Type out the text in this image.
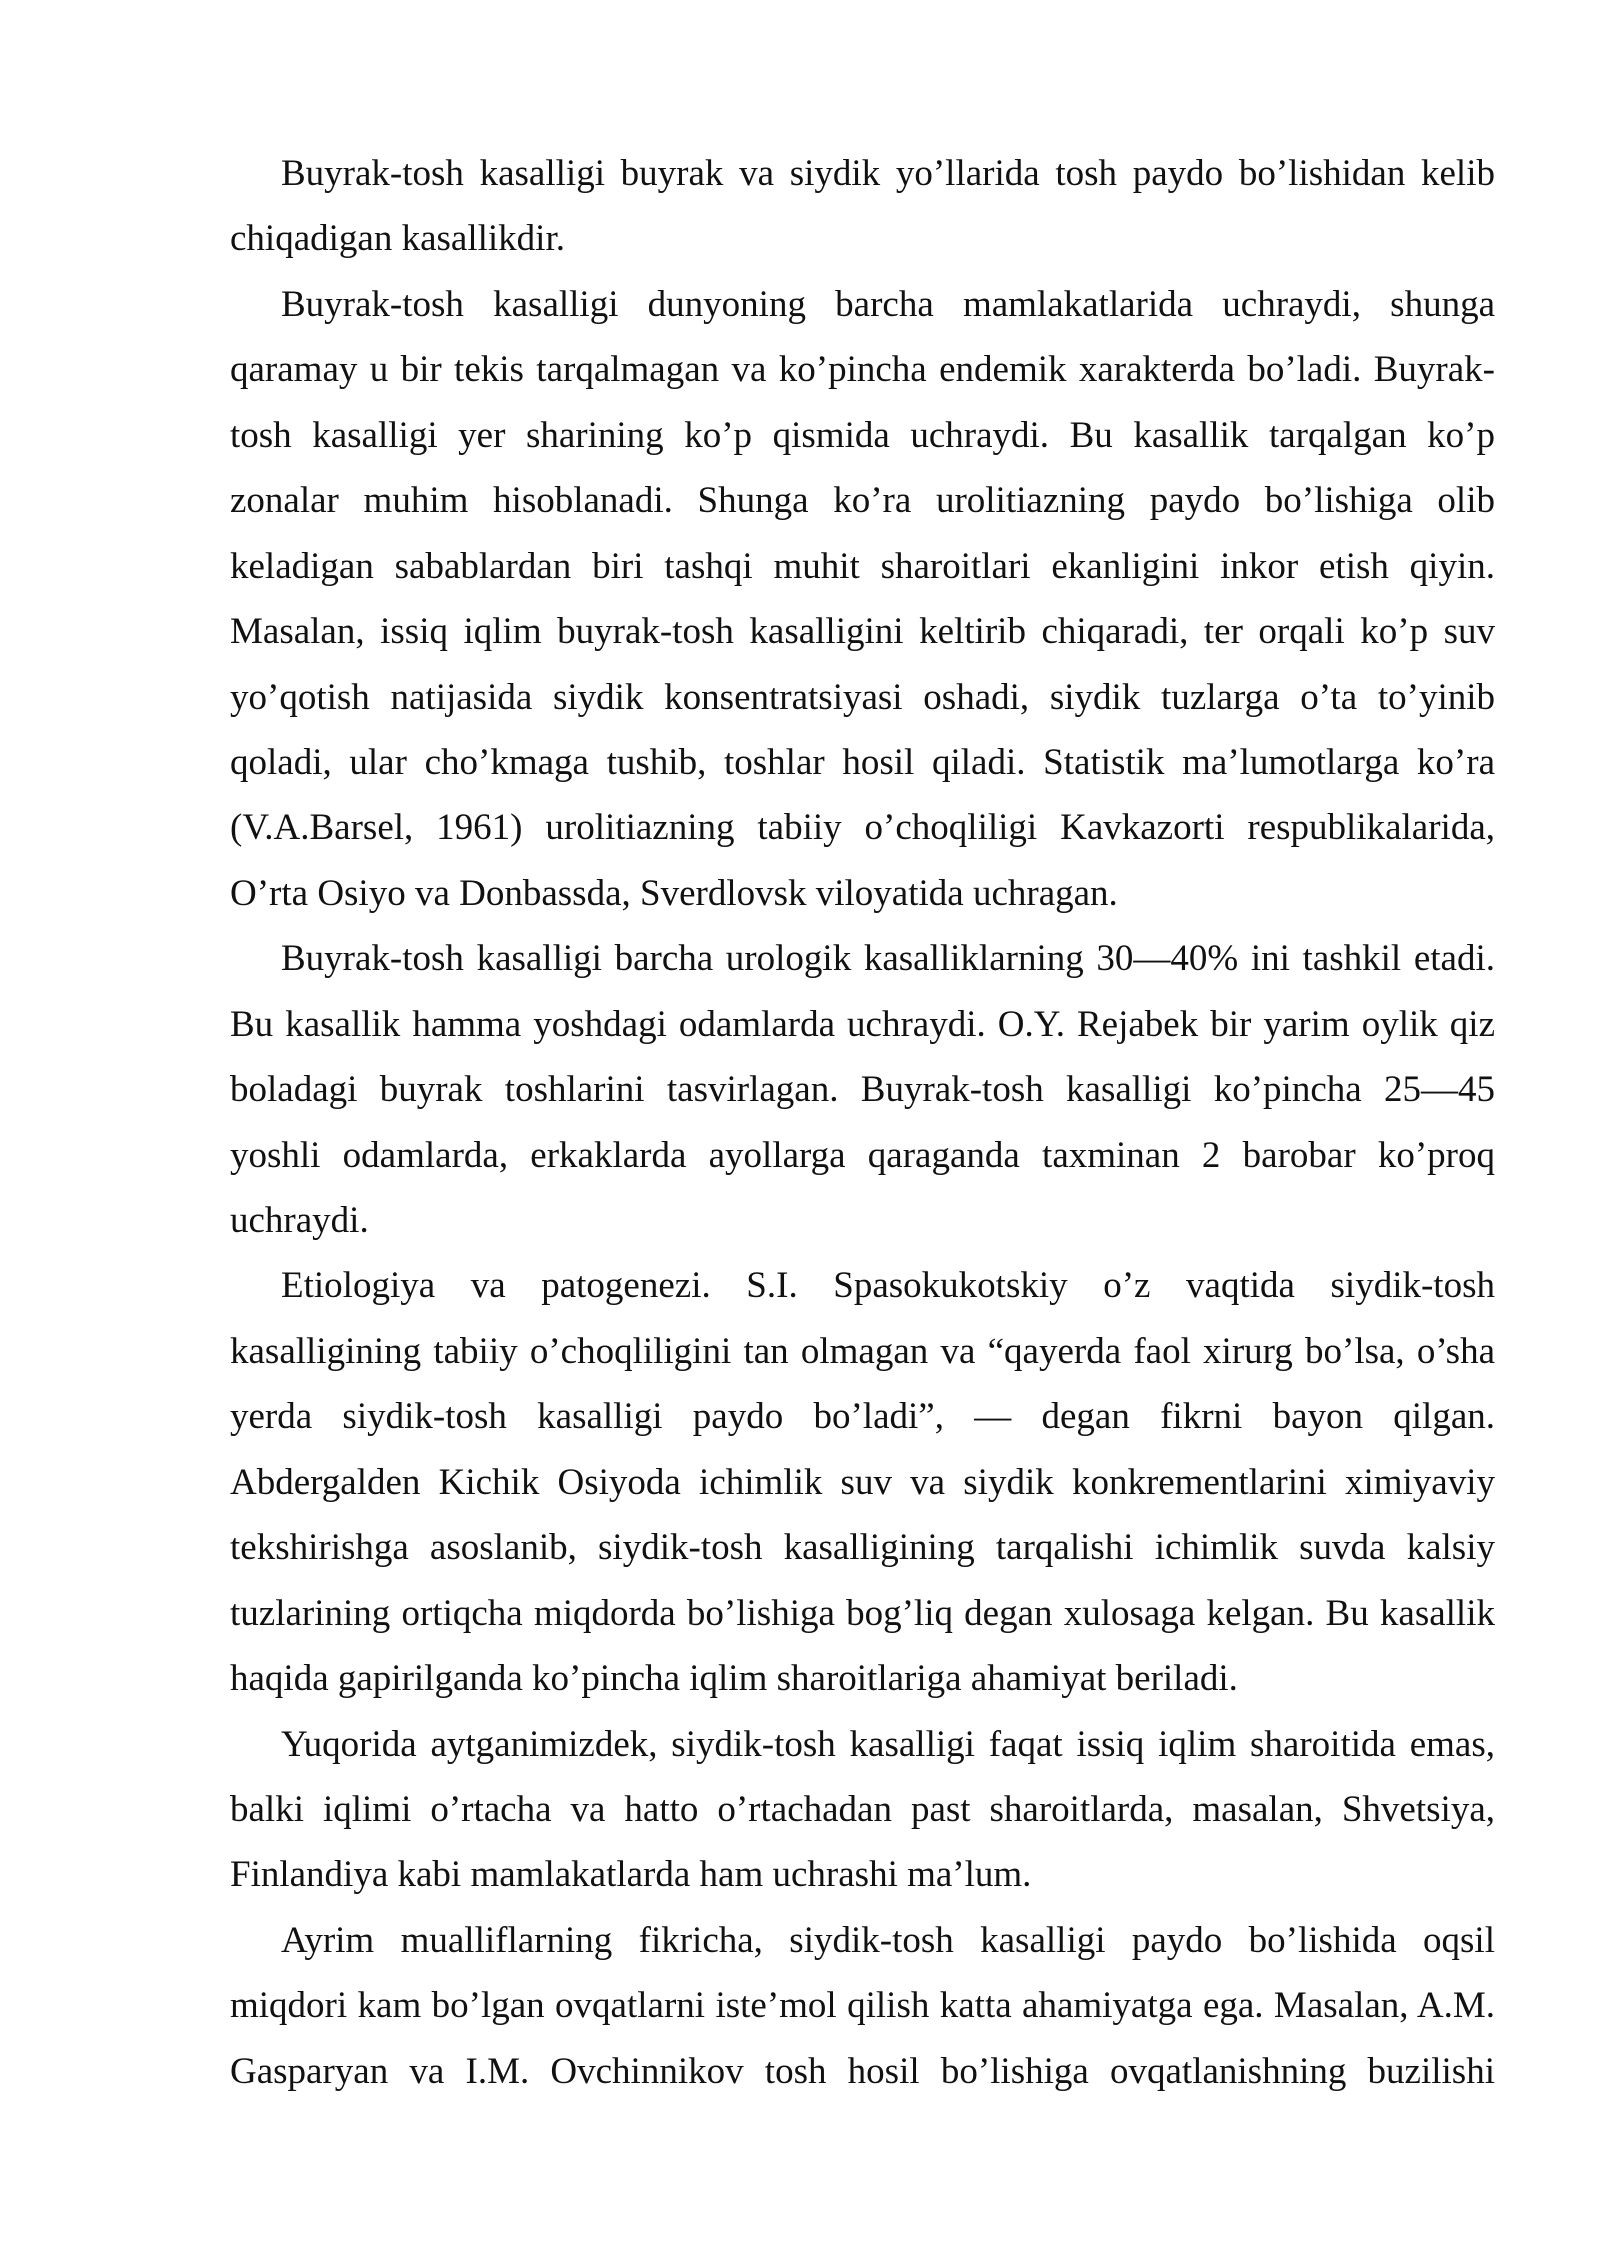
Buyrak-tosh kasalligi buyrak va siydik yo’llarida tosh paydo bo’lishidan kelib
chiqadigan kasallikdir.
Buyrak-tosh kasalligi dunyoning barcha mamlakatlarida uchraydi, shunga
qaramay u bir tekis tarqalmagan va ko’pincha endemik xarakterda bo’ladi. Buyrak-
tosh kasalligi yer sharining ko’p qismida uchraydi. Bu kasallik tarqalgan ko’p
zonalar muhim hisoblanadi. Shunga ko’ra urolitiazning paydo bo’lishiga olib
keladigan sabablardan biri tashqi muhit sharoitlari ekanligini inkor etish qiyin.
Masalan, issiq iqlim buyrak-tosh kasalligini keltirib chiqaradi, ter orqali ko’p suv
yo’qotish natijasida siydik konsentratsiyasi oshadi, siydik tuzlarga o’ta to’yinib
qoladi, ular cho’kmaga tushib, toshlar hosil qiladi. Statistik ma’lumotlarga ko’ra
(V.A.Barsel, 1961) urolitiazning tabiiy o’choqliligi Kavkazorti respublikalarida,
O’rta Osiyo va Donbassda, Sverdlovsk viloyatida uchragan.
Buyrak-tosh kasalligi barcha urologik kasalliklarning 30—40% ini tashkil etadi.
Bu kasallik hamma yoshdagi odamlarda uchraydi. O.Y. Rejabek bir yarim oylik qiz
boladagi buyrak toshlarini tasvirlagan. Buyrak-tosh kasalligi ko’pincha 25—45
yoshli odamlarda, erkaklarda ayollarga qaraganda taxminan 2 barobar ko’proq
uchraydi.
Etiologiya va patogenezi. S.I. Spasokukotskiy o’z vaqtida siydik-tosh
kasalligining tabiiy o’choqliligini tan olmagan va “qayerda faol xirurg bo’lsa, o’sha
yerda siydik-tosh kasalligi paydo bo’ladi”, — degan fikrni bayon qilgan.
Abdergalden Kichik Osiyoda ichimlik suv va siydik konkrementlarini ximiyaviy
tekshirishga asoslanib, siydik-tosh kasalligining tarqalishi ichimlik suvda kalsiy
tuzlarining ortiqcha miqdorda bo’lishiga bog’liq degan xulosaga kelgan. Bu kasallik
haqida gapirilganda ko’pincha iqlim sharoitlariga ahamiyat beriladi.
Yuqorida aytganimizdek, siydik-tosh kasalligi faqat issiq iqlim sharoitida emas,
balki iqlimi o’rtacha va hatto o’rtachadan past sharoitlarda, masalan, Shvetsiya,
Finlandiya kabi mamlakatlarda ham uchrashi ma’lum.
Ayrim mualliflarning fikricha, siydik-tosh kasalligi paydo bo’lishida oqsil
miqdori kam bo’lgan ovqatlarni iste’mol qilish katta ahamiyatga ega. Masalan, A.M.
Gasparyan va I.M. Ovchinnikov tosh hosil bo’lishiga ovqatlanishning buzilishi
